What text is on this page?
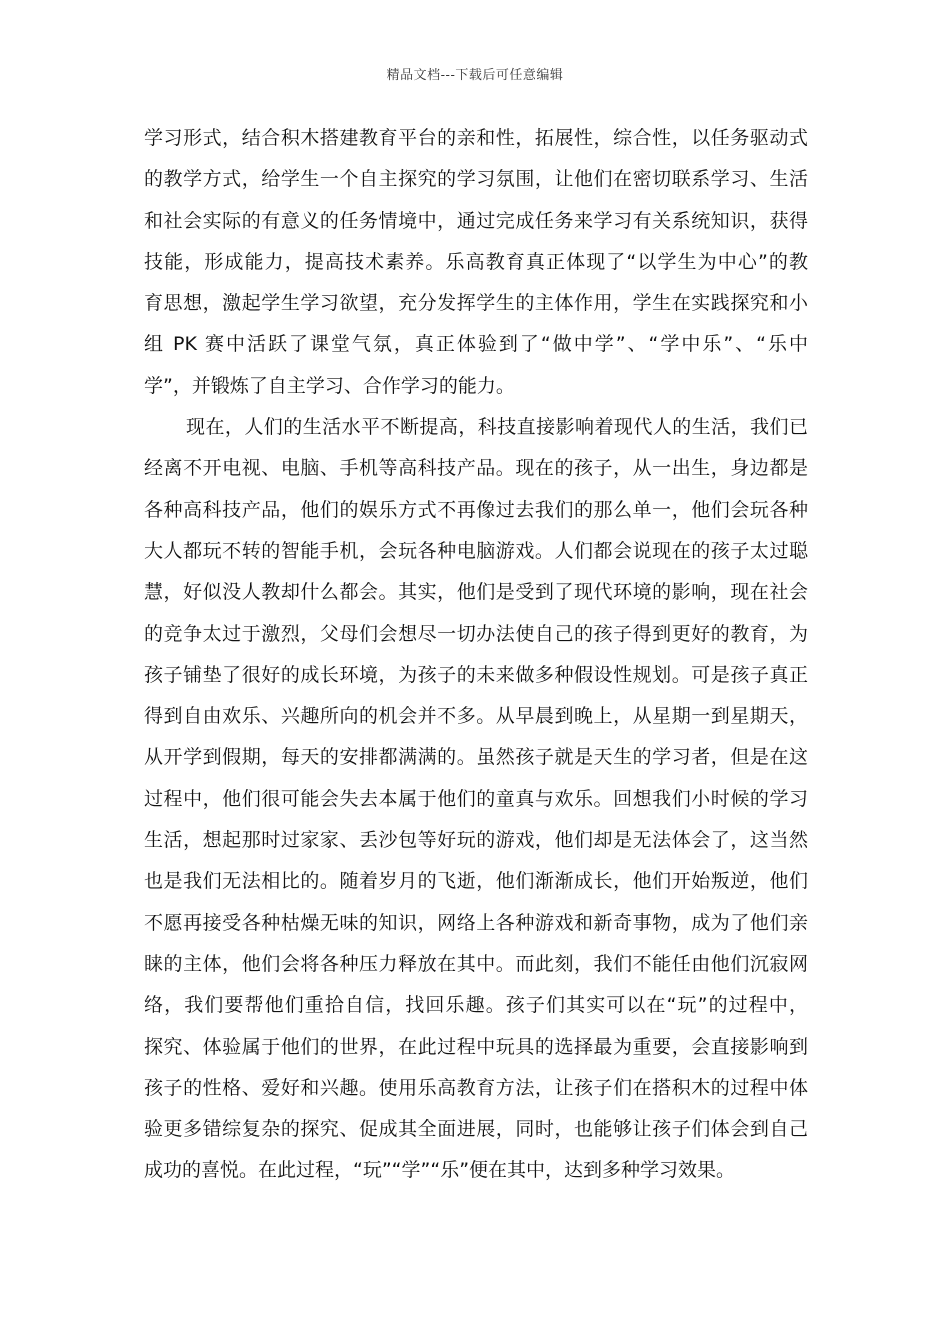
精品文档---下载后可任意编辑
学习形式，结合积木搭建教育平台的亲和性，拓展性，综合性，以任务驱动式
的教学方式，给学生一个自主探究的学习氛围，让他们在密切联系学习、生活
和社会实际的有意义的任务情境中，通过完成任务来学习有关系统知识，获得
技能，形成能力，提高技术素养。乐高教育真正体现了“以学生为中心”的教
育思想，激起学生学习欲望，充分发挥学生的主体作用，学生在实践探究和小
组 PK 赛中活跃了课堂气氛，真正体验到了“做中学”、“学中乐”、“乐中
学”，并锻炼了自主学习、合作学习的能力。
现在，人们的生活水平不断提高，科技直接影响着现代人的生活，我们已
经离不开电视、电脑、手机等高科技产品。现在的孩子，从一出生，身边都是
各种高科技产品，他们的娱乐方式不再像过去我们的那么单一，他们会玩各种
大人都玩不转的智能手机，会玩各种电脑游戏。人们都会说现在的孩子太过聪
慧，好似没人教却什么都会。其实，他们是受到了现代环境的影响，现在社会
的竞争太过于激烈，父母们会想尽一切办法使自己的孩子得到更好的教育，为
孩子铺垫了很好的成长环境，为孩子的未来做多种假设性规划。可是孩子真正
得到自由欢乐、兴趣所向的机会并不多。从早晨到晚上，从星期一到星期天，
从开学到假期，每天的安排都满满的。虽然孩子就是天生的学习者，但是在这
过程中，他们很可能会失去本属于他们的童真与欢乐。回想我们小时候的学习
生活，想起那时过家家、丢沙包等好玩的游戏，他们却是无法体会了，这当然
也是我们无法相比的。随着岁月的飞逝，他们渐渐成长，他们开始叛逆，他们
不愿再接受各种枯燥无味的知识，网络上各种游戏和新奇事物，成为了他们亲
睐的主体，他们会将各种压力释放在其中。而此刻，我们不能任由他们沉寂网
络，我们要帮他们重拾自信，找回乐趣。孩子们其实可以在“玩”的过程中，
探究、体验属于他们的世界，在此过程中玩具的选择最为重要，会直接影响到
孩子的性格、爱好和兴趣。使用乐高教育方法，让孩子们在搭积木的过程中体
验更多错综复杂的探究、促成其全面进展，同时，也能够让孩子们体会到自己
成功的喜悦。在此过程，“玩”“学”“乐”便在其中，达到多种学习效果。
